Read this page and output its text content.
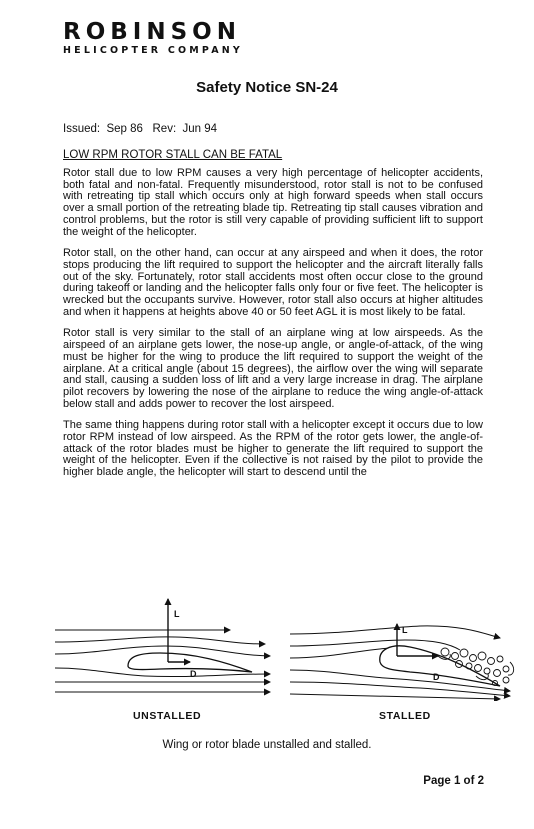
ROBINSON
HELICOPTER COMPANY
Safety Notice SN-24
Issued:  Sep 86   Rev:  Jun 94
LOW RPM ROTOR STALL CAN BE FATAL

Rotor stall due to low RPM causes a very high percentage of helicopter accidents, both fatal and non-fatal. Frequently misunderstood, rotor stall is not to be confused with retreating tip stall which occurs only at high forward speeds when stall occurs over a small portion of the retreating blade tip. Retreating tip stall causes vibration and control problems, but the rotor is still very capable of providing sufficient lift to support the weight of the helicopter.

Rotor stall, on the other hand, can occur at any airspeed and when it does, the rotor stops producing the lift required to support the helicopter and the aircraft literally falls out of the sky. Fortunately, rotor stall accidents most often occur close to the ground during takeoff or landing and the helicopter falls only four or five feet. The helicopter is wrecked but the occupants survive. However, rotor stall also occurs at higher altitudes and when it happens at heights above 40 or 50 feet AGL it is most likely to be fatal.

Rotor stall is very similar to the stall of an airplane wing at low airspeeds. As the airspeed of an airplane gets lower, the nose-up angle, or angle-of-attack, of the wing must be higher for the wing to produce the lift required to support the weight of the airplane. At a critical angle (about 15 degrees), the airflow over the wing will separate and stall, causing a sudden loss of lift and a very large increase in drag. The airplane pilot recovers by lowering the nose of the airplane to reduce the wing angle-of-attack below stall and adds power to recover the lost airspeed.

The same thing happens during rotor stall with a helicopter except it occurs due to low rotor RPM instead of low airspeed. As the RPM of the rotor gets lower, the angle-of-attack of the rotor blades must be higher to generate the lift required to support the weight of the helicopter. Even if the collective is not raised by the pilot to provide the higher blade angle, the helicopter will start to descend until the

L
D
L
D
UNSTALLED	STALLED
Wing or rotor blade unstalled and stalled.
Page 1 of 2
